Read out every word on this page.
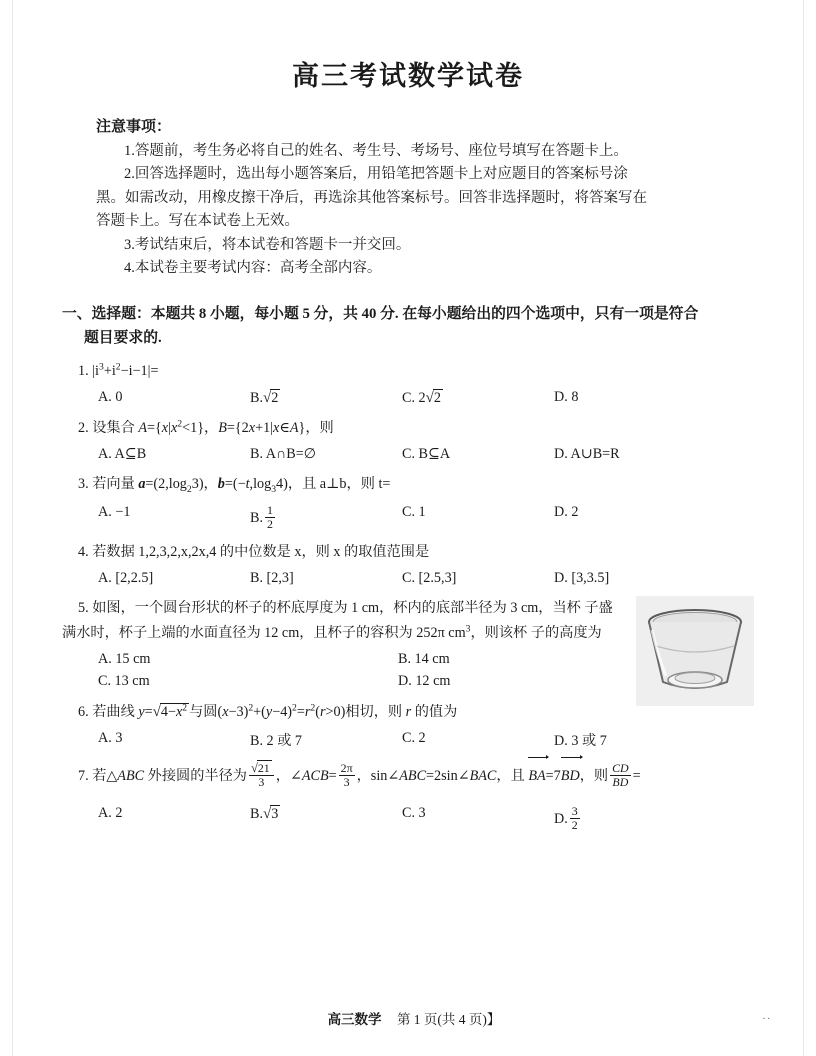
高三考试数学试卷
注意事项：
1.答题前，考生务必将自己的姓名、考生号、考场号、座位号填写在答题卡上。
2.回答选择题时，选出每小题答案后，用铅笔把答题卡上对应题目的答案标号涂
黑。如需改动，用橡皮擦干净后，再选涂其他答案标号。回答非选择题时，将答案写在
答题卡上。写在本试卷上无效。
3.考试结束后，将本试卷和答题卡一并交回。
4.本试卷主要考试内容：高考全部内容。
一、选择题：本题共 8 小题，每小题 5 分，共 40 分. 在每小题给出的四个选项中，只有一项是符合
题目要求的.
1. $|i^3+i^2-i-1|=$
A. 0	B.√2	C. 2√2	D. 8
2. 设集合 $A=\{x|x^2<1\}$，B={2x+1|x∈A}，则
A. A⊆B	B. A∩B=∅	C. B⊆A	D. A∪B=R
3. 若向量 $a=(2,\log_23)$，$b=(-t,\log_34)$，且 a⊥b，则 t=
A. −1	B. $\frac{1}{2}$	C. 1	D. 2
4. 若数据 1,2,3,2,x,2x,4 的中位数是 x，则 x 的取值范围是
A. [2,2.5]	B. [2,3]	C. [2.5,3]	D. [3,3.5]
5. 如图，一个圆台形状的杯子的杯底厚度为 1 cm，杯内的底部半径为 3 cm，当杯 子盛满水时，杯子上端的水面直径为 12 cm，且杯子的容积为 252π $cm^3$，则该杯 子的高度为
A. 15 cm	B. 14 cm
C. 13 cm	D. 12 cm
6. 若曲线 $y=√4-x^2$ 与圆$(x-3)^2+(y-4)^2=r^2(r>0)$相切，则 r 的值为
A. 3	B. 2 或 7	C. 2	D. 3 或 7
7. 若△ABC 外接圆的半径为 $\frac{√21}{3}$ ，∠ACB= $\frac{2\pi}{3}$ ，sin∠ABC=2sin∠BAC，且 BA=7BD，则 $\frac{CD}{BD}$ =
A. 2	B.√3	C. 3	D. $\frac{3}{2}$
高三数学 第 1 页(共 4 页)】	..
